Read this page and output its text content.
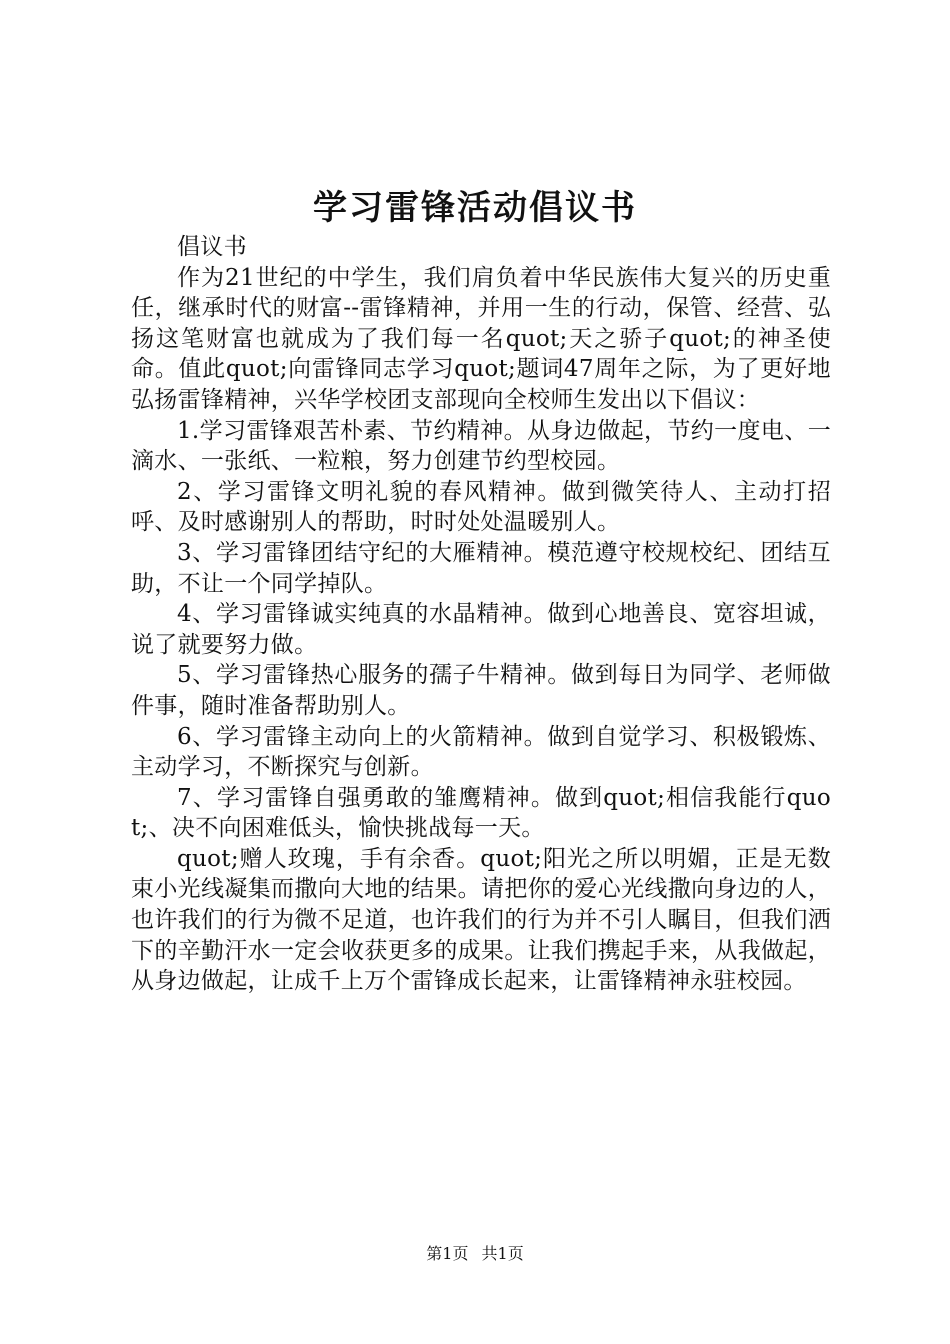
学习雷锋活动倡议书

倡议书

作为21世纪的中学生，我们肩负着中华民族伟大复兴的历史重任，继承时代的财富--雷锋精神，并用一生的行动，保管、经营、弘扬这笔财富也就成为了我们每一名quot;天之骄子quot;的神圣使命。值此quot;向雷锋同志学习quot;题词47周年之际，为了更好地弘扬雷锋精神，兴华学校团支部现向全校师生发出以下倡议：

1.学习雷锋艰苦朴素、节约精神。从身边做起，节约一度电、一滴水、一张纸、一粒粮，努力创建节约型校园。

2、学习雷锋文明礼貌的春风精神。做到微笑待人、主动打招呼、及时感谢别人的帮助，时时处处温暖别人。

3、学习雷锋团结守纪的大雁精神。模范遵守校规校纪、团结互助，不让一个同学掉队。

4、学习雷锋诚实纯真的水晶精神。做到心地善良、宽容坦诚，说了就要努力做。

5、学习雷锋热心服务的孺子牛精神。做到每日为同学、老师做件事，随时准备帮助别人。

6、学习雷锋主动向上的火箭精神。做到自觉学习、积极锻炼、主动学习，不断探究与创新。

7、学习雷锋自强勇敢的雏鹰精神。做到quot;相信我能行quot;、决不向困难低头，愉快挑战每一天。

quot;赠人玫瑰，手有余香。quot;阳光之所以明媚，正是无数束小光线凝集而撒向大地的结果。请把你的爱心光线撒向身边的人，也许我们的行为微不足道，也许我们的行为并不引人瞩目，但我们洒下的辛勤汗水一定会收获更多的成果。让我们携起手来，从我做起，从身边做起，让成千上万个雷锋成长起来，让雷锋精神永驻校园。

第1页 共1页
